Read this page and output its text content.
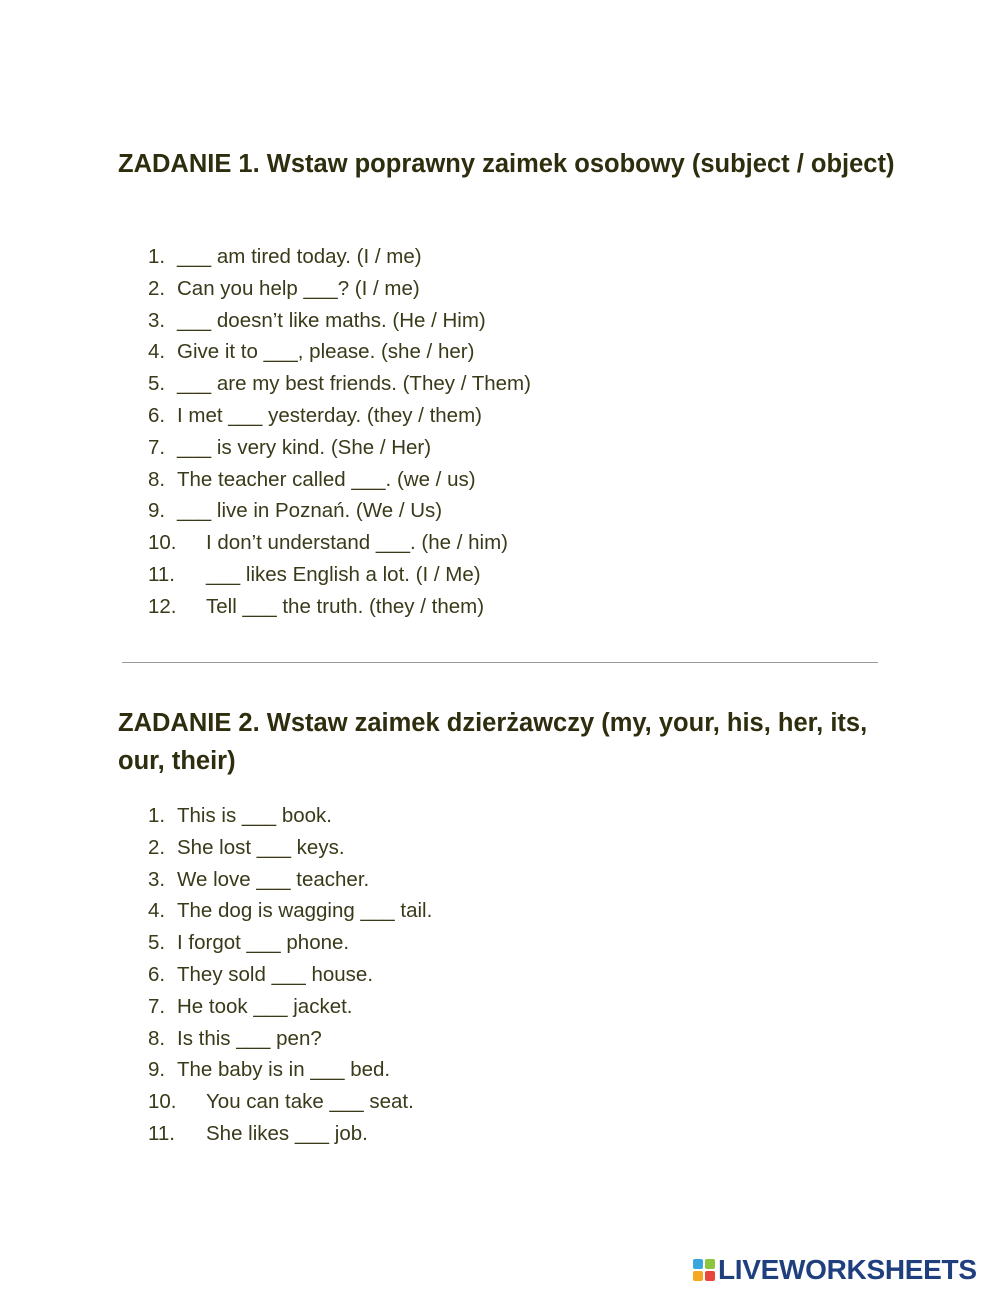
ZADANIE 1. Wstaw poprawny zaimek osobowy (subject / object)
1. ___ am tired today. (I / me)
2. Can you help ___? (I / me)
3. ___ doesn’t like maths. (He / Him)
4. Give it to ___, please. (she / her)
5. ___ are my best friends. (They / Them)
6. I met ___ yesterday. (they / them)
7. ___ is very kind. (She / Her)
8. The teacher called ___. (we / us)
9. ___ live in Poznań. (We / Us)
10. I don’t understand ___. (he / him)
11. ___ likes English a lot. (I / Me)
12. Tell ___ the truth. (they / them)
ZADANIE 2. Wstaw zaimek dzierżawczy (my, your, his, her, its, our, their)
1. This is ___ book.
2. She lost ___ keys.
3. We love ___ teacher.
4. The dog is wagging ___ tail.
5. I forgot ___ phone.
6. They sold ___ house.
7. He took ___ jacket.
8. Is this ___ pen?
9. The baby is in ___ bed.
10. You can take ___ seat.
11. She likes ___ job.
LIVEWORKSHEETS
